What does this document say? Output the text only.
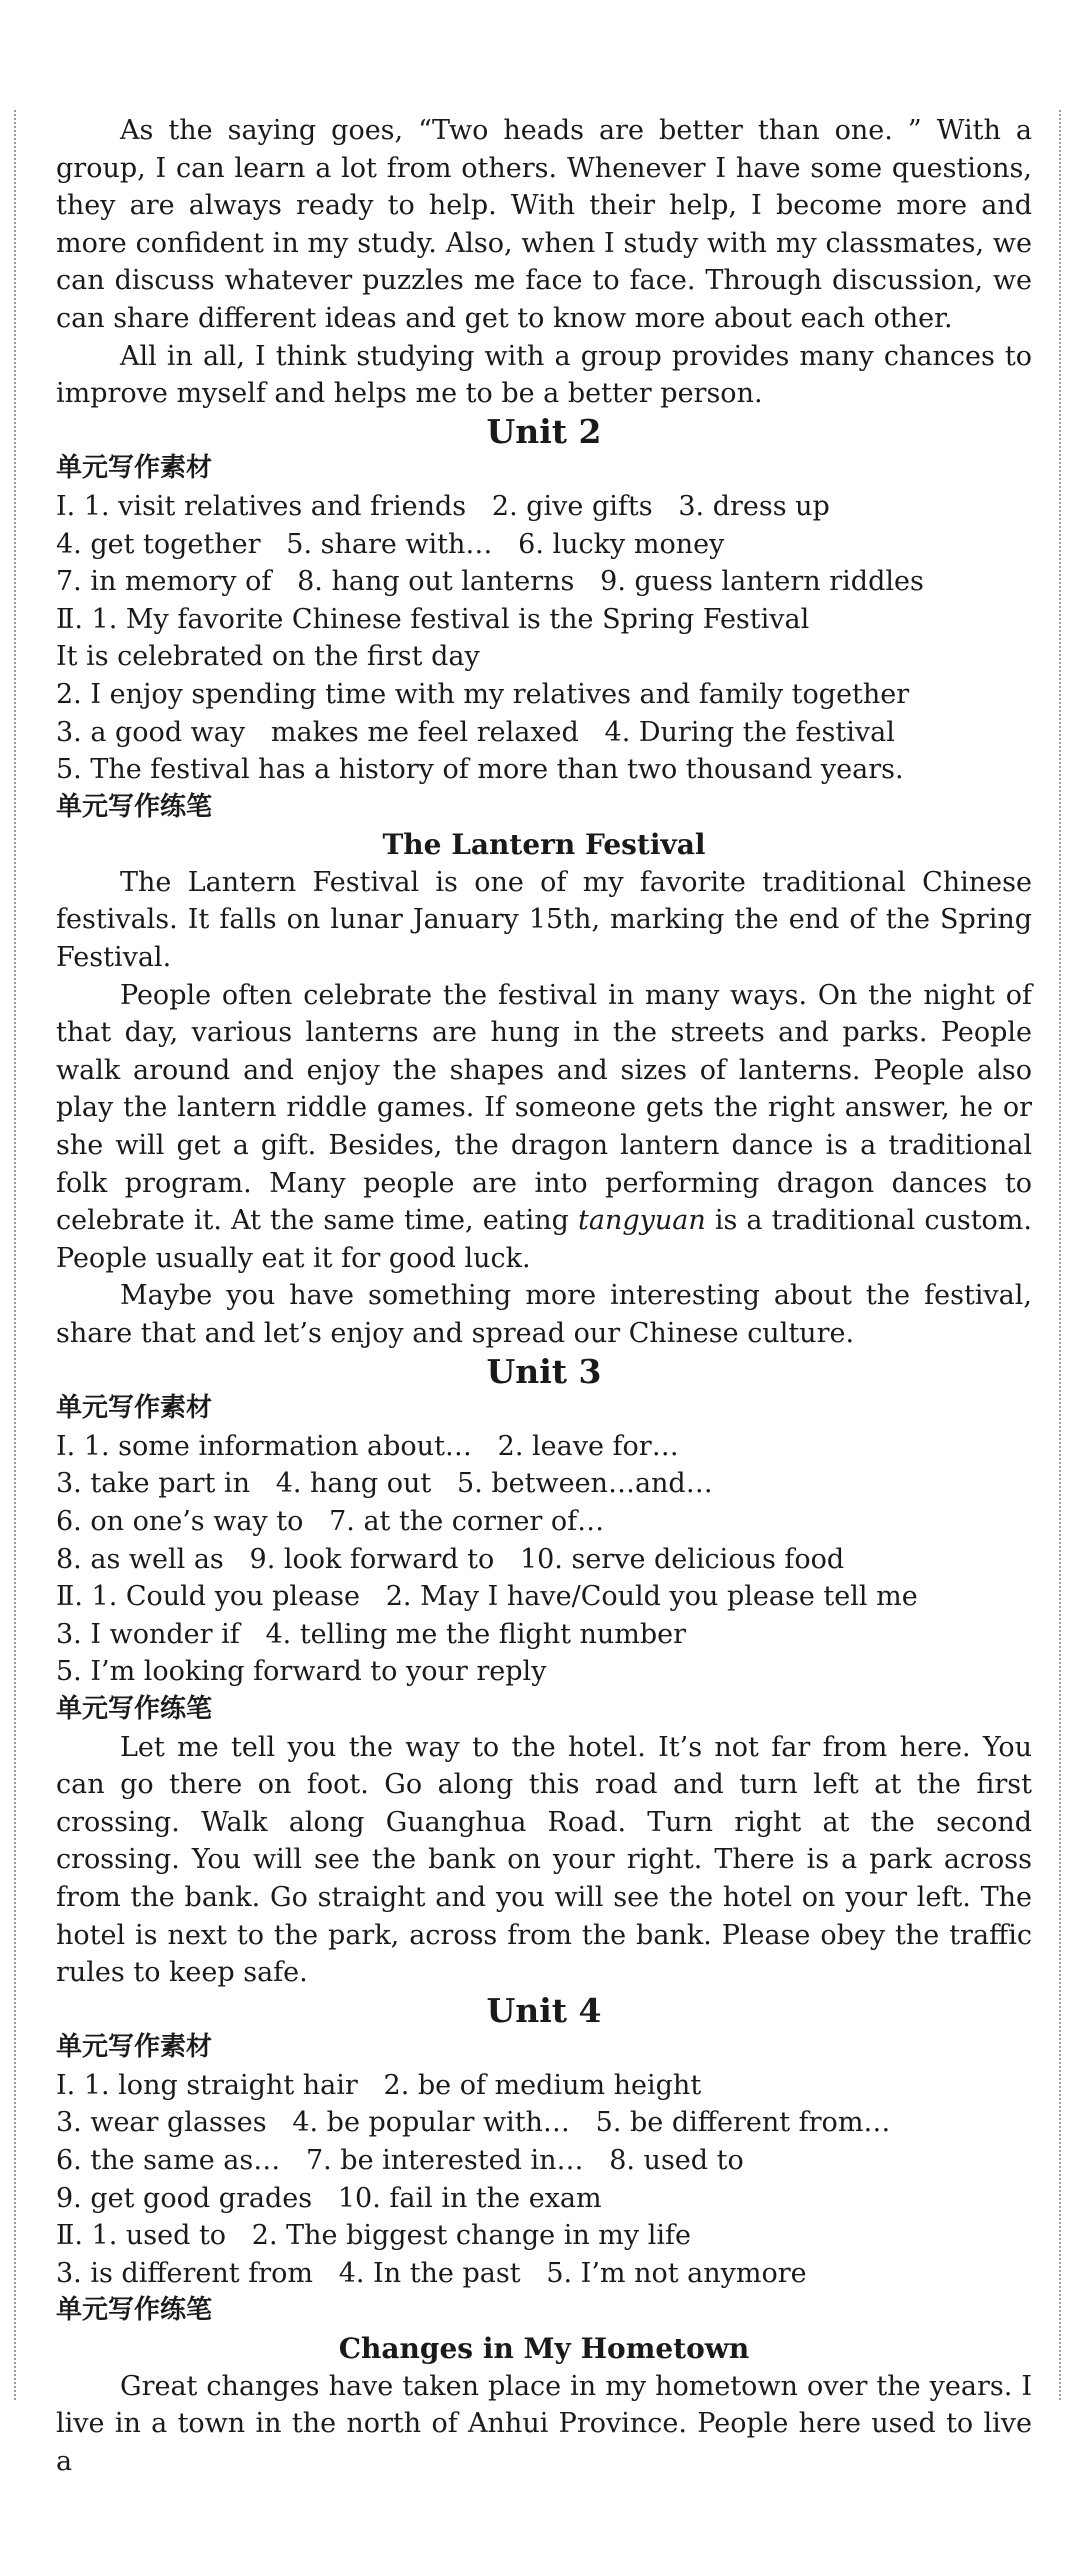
As the saying goes, “Two heads are better than one. ” With a group, I can learn a lot from others. Whenever I have some questions, they are always ready to help. With their help, I become more and more confident in my study. Also, when I study with my classmates, we can discuss whatever puzzles me face to face. Through discussion, we can share different ideas and get to know more about each other.

All in all, I think studying with a group provides many chances to improve myself and helps me to be a better person.

Unit 2

单元写作素材

Ⅰ. 1. visit relatives and friends   2. give gifts   3. dress up

4. get together   5. share with…   6. lucky money

7. in memory of   8. hang out lanterns   9. guess lantern riddles

Ⅱ. 1. My favorite Chinese festival is the Spring Festival

It is celebrated on the first day

2. I enjoy spending time with my relatives and family together

3. a good way   makes me feel relaxed   4. During the festival

5. The festival has a history of more than two thousand years.

单元写作练笔

The Lantern Festival

The Lantern Festival is one of my favorite traditional Chinese festivals. It falls on lunar January 15th, marking the end of the Spring Festival.

People often celebrate the festival in many ways. On the night of that day, various lanterns are hung in the streets and parks. People walk around and enjoy the shapes and sizes of lanterns. People also play the lantern riddle games. If someone gets the right answer, he or she will get a gift. Besides, the dragon lantern dance is a traditional folk program. Many people are into performing dragon dances to celebrate it. At the same time, eating tangyuan is a traditional custom. People usually eat it for good luck.

Maybe you have something more interesting about the festival, share that and let’s enjoy and spread our Chinese culture.

Unit 3

单元写作素材

Ⅰ. 1. some information about…   2. leave for…

3. take part in   4. hang out   5. between…and…

6. on one’s way to   7. at the corner of…

8. as well as   9. look forward to   10. serve delicious food

Ⅱ. 1. Could you please   2. May I have/Could you please tell me

3. I wonder if   4. telling me the flight number

5. I’m looking forward to your reply

单元写作练笔

Let me tell you the way to the hotel. It’s not far from here. You can go there on foot. Go along this road and turn left at the first crossing. Walk along Guanghua Road. Turn right at the second crossing. You will see the bank on your right. There is a park across from the bank. Go straight and you will see the hotel on your left. The hotel is next to the park, across from the bank. Please obey the traffic rules to keep safe.

Unit 4

单元写作素材

Ⅰ. 1. long straight hair   2. be of medium height

3. wear glasses   4. be popular with…   5. be different from…

6. the same as…   7. be interested in…   8. used to

9. get good grades   10. fail in the exam

Ⅱ. 1. used to   2. The biggest change in my life

3. is different from   4. In the past   5. I’m not anymore

单元写作练笔

Changes in My Hometown

Great changes have taken place in my hometown over the years. I live in a town in the north of Anhui Province. People here used to live a
